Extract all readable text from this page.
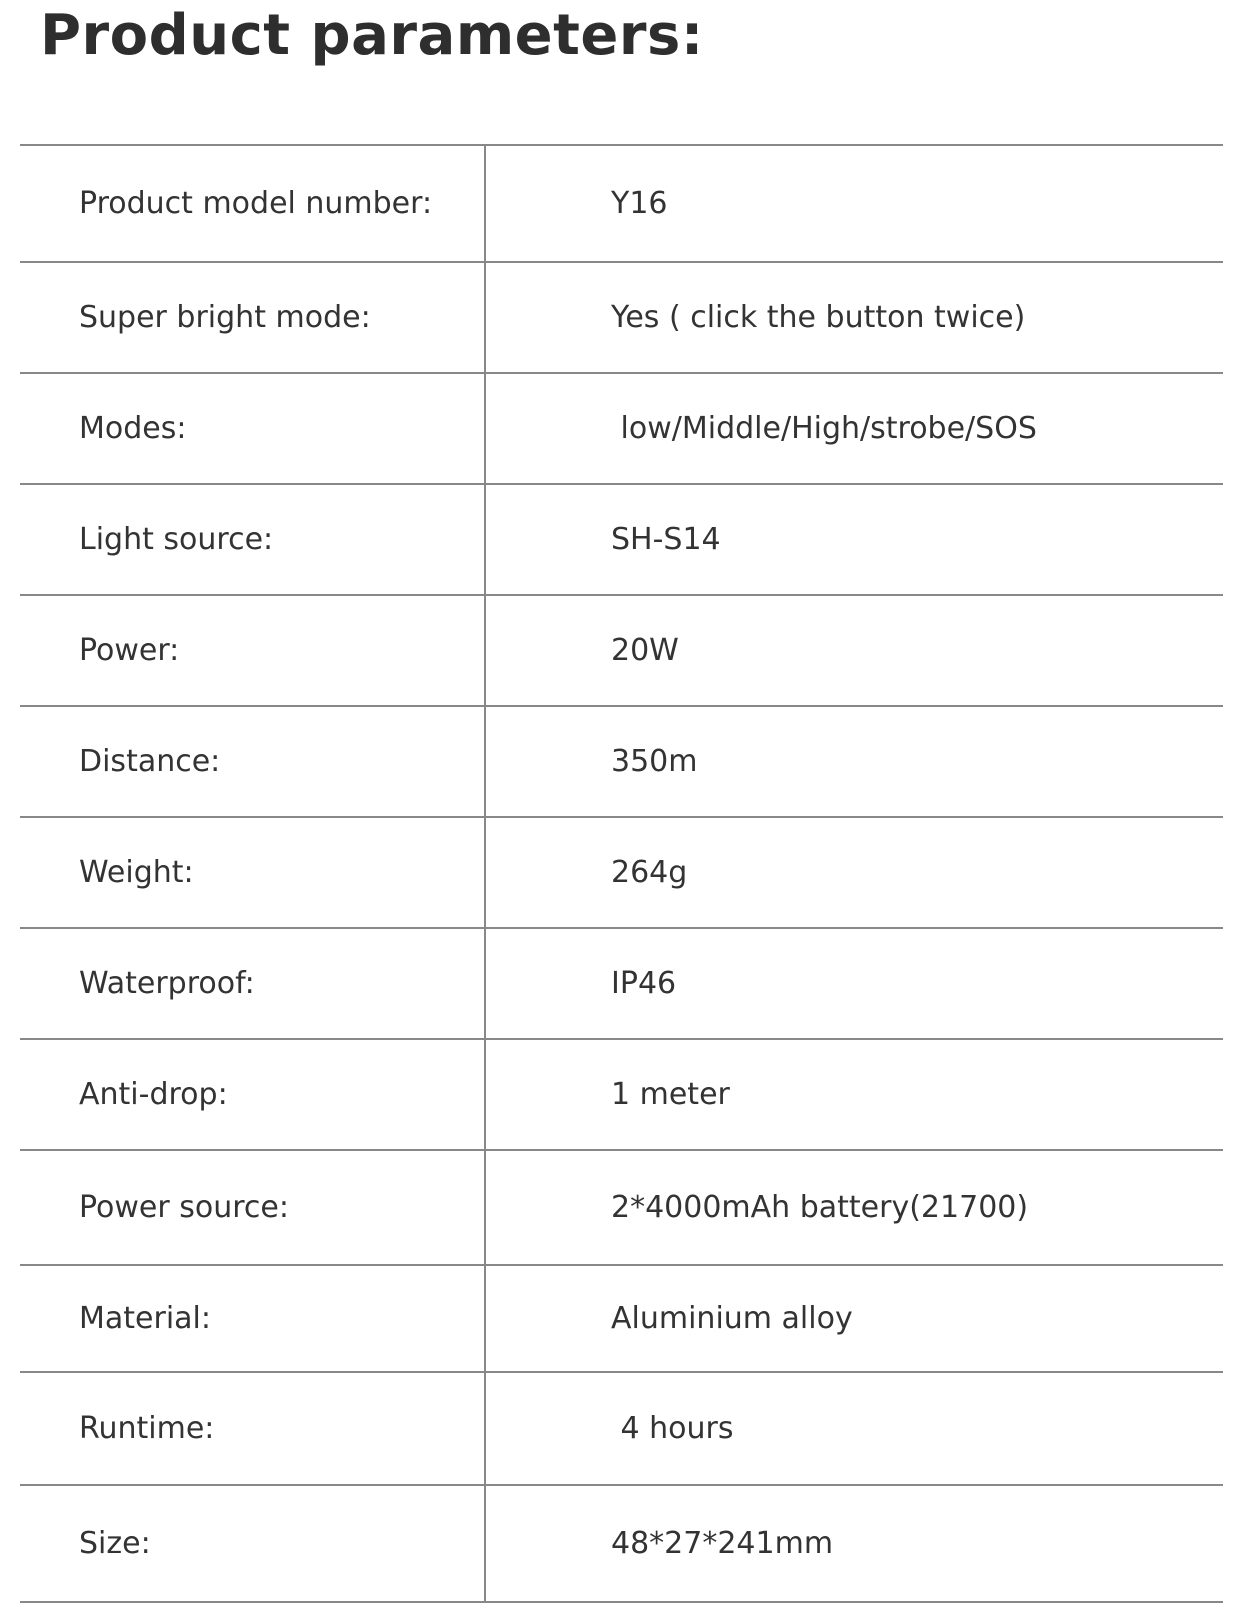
Product parameters:
Product model number:	Y16
Super bright mode:	Yes ( click the button twice)
Modes:	low/Middle/High/strobe/SOS
Light source:	SH-S14
Power:	20W
Distance:	350m
Weight:	264g
Waterproof:	IP46
Anti-drop:	1 meter
Power source:	2*4000mAh battery(21700)
Material:	Aluminium alloy
Runtime:	4 hours
Size:	48*27*241mm
